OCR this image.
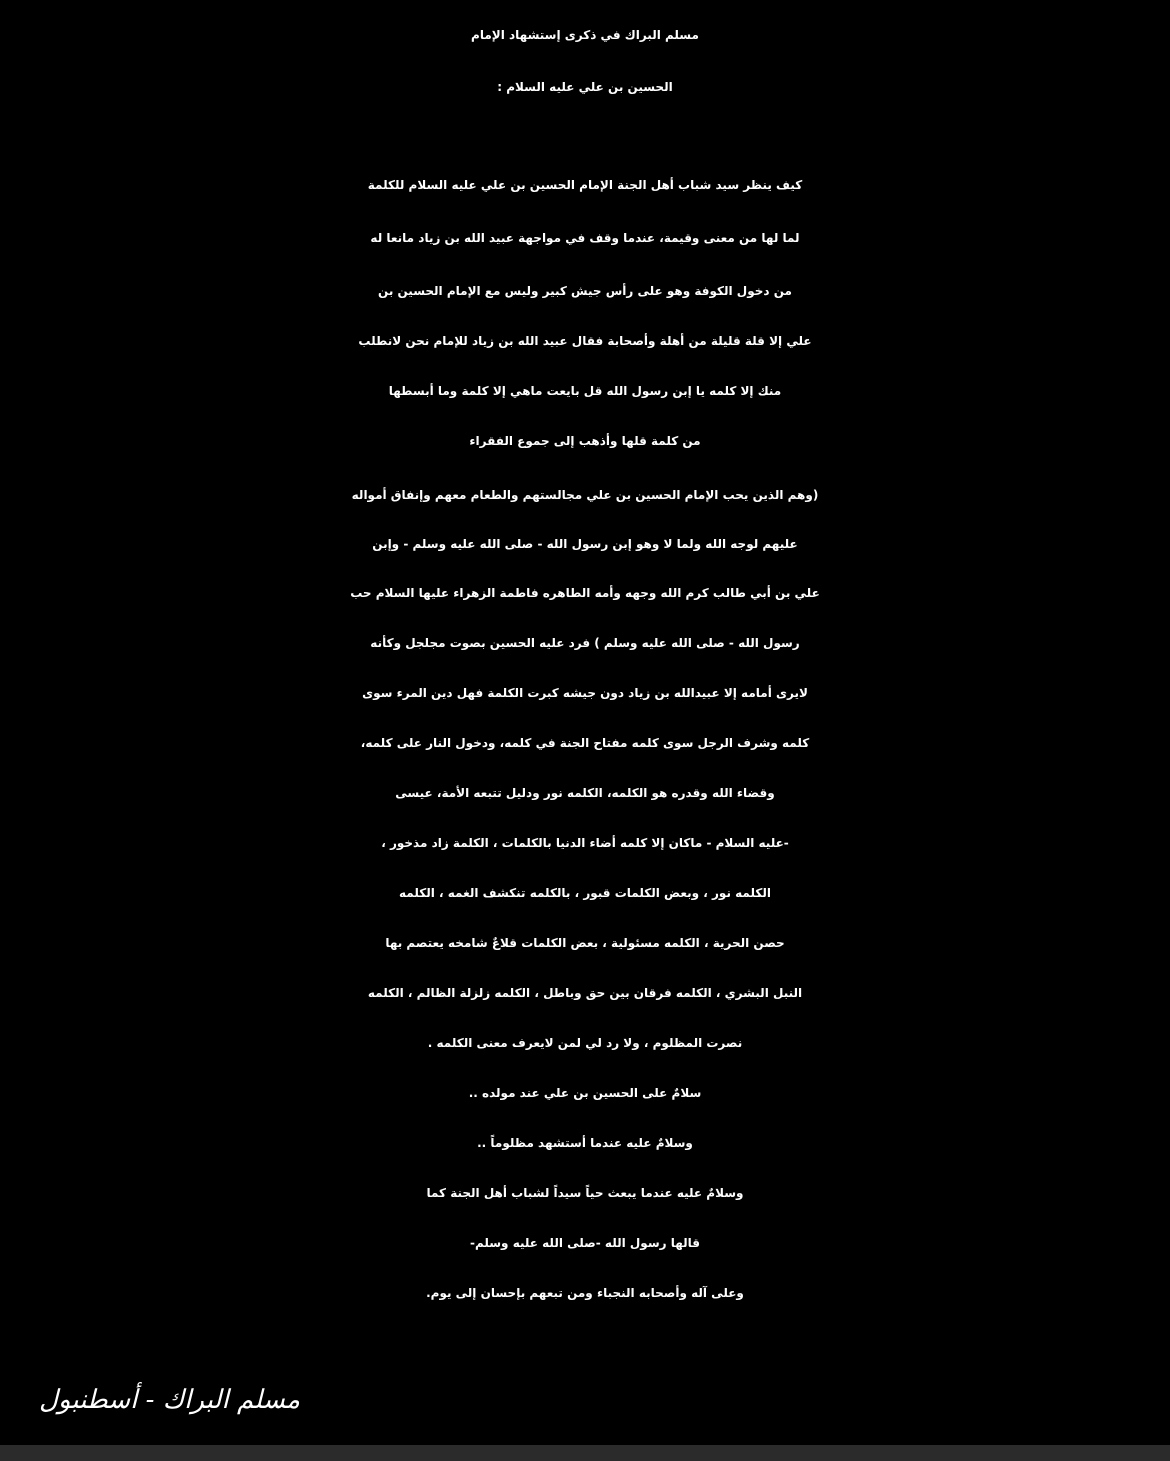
مسلم البراك في ذكرى إستشهاد الإمام
الحسين بن علي عليه السلام :
كيف ينظر سيد شباب أهل الجنة الإمام الحسين بن علي عليه السلام للكلمة
لما لها من معنى وقيمة، عندما وقف في مواجهة عبيد الله بن زياد مانعا له
من دخول الكوفة وهو على رأس جيش كبير وليس مع الإمام الحسين بن
علي إلا قلة قليلة من أهلة وأصحابة فقال عبيد الله بن زياد للإمام نحن لانطلب
منك إلا كلمه يا إبن رسول الله قل بايعت ماهي إلا كلمة وما أبسطها
من كلمة قلها وأذهب إلى جموع الفقراء
(وهم الذين يحب الإمام الحسين بن علي مجالستهم والطعام معهم وإنفاق أمواله
عليهم لوجه الله ولما لا وهو إبن رسول الله - صلى الله عليه وسلم - وإبن
علي بن أبي طالب كرم الله وجهه وأمه الطاهره فاطمة الزهراء عليها السلام حب
رسول الله - صلى الله عليه وسلم ) فرد عليه الحسين بصوت مجلجل وكأنه
لايرى أمامه إلا عبيدالله بن زياد دون جيشه كبرت الكلمة فهل دين المرء سوى
كلمه وشرف الرجل سوى كلمه مفتاح الجنة في كلمه، ودخول النار على كلمه،
وقضاء الله وقدره هو الكلمه، الكلمه نور ودليل تتبعه الأمة، عيسى
-عليه السلام - ماكان إلا كلمه أضاء الدنيا بالكلمات ، الكلمة زاد مذخور ،
الكلمه نور ، وبعض الكلمات قبور ، بالكلمه تنكشف الغمه ، الكلمه
حصن الحرية ، الكلمه مسئولية ، بعض الكلمات قلاعٌ شامخه يعتصم بها
النبل البشري ، الكلمه فرقان بين حق وباطل ، الكلمه زلزلة الظالم ، الكلمه
نصرت المظلوم ، ولا رد لي لمن لايعرف معنى الكلمه .
سلامٌ على الحسين بن علي عند مولده ..
وسلامٌ عليه عندما أستشهد مظلوماً ..
وسلامٌ عليه عندما يبعث حياً سيداً لشباب أهل الجنة كما
قالها رسول الله -صلى الله عليه وسلم-
وعلى آله وأصحابه النجباء ومن تبعهم بإحسان إلى يوم.
مسلم البراك - أسطنبول
